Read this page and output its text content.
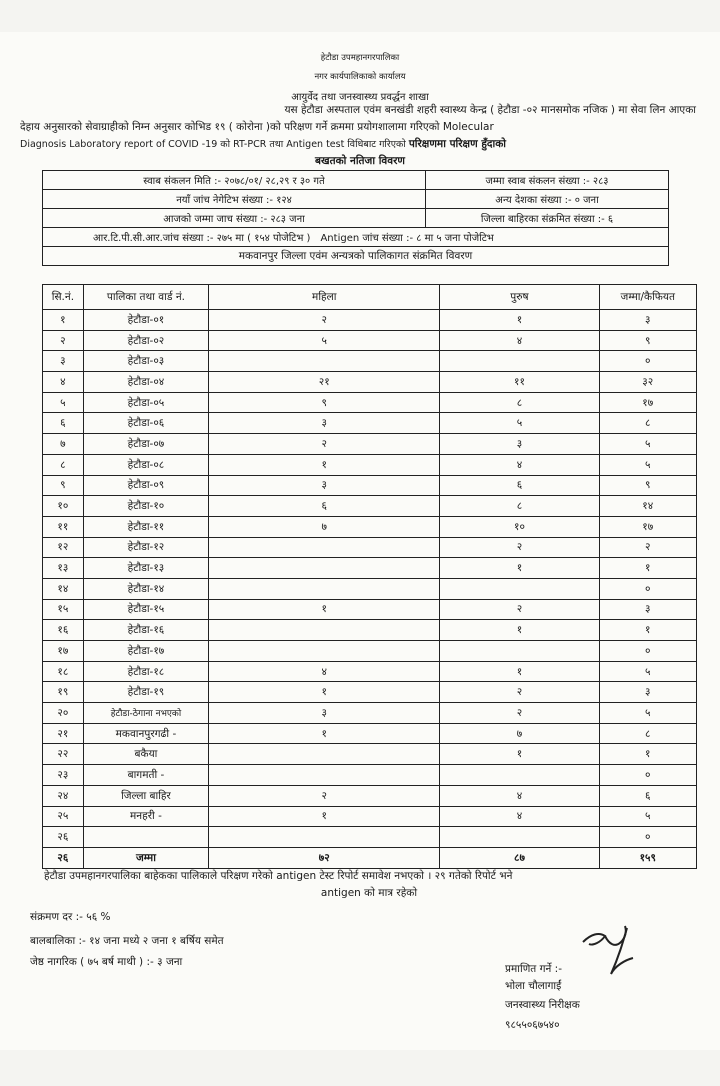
हेटौडा उपमहानगरपालिका
नगर कार्यपालिकाको कार्यालय
आयुर्वेद तथा जनस्वास्थ्य प्रवर्द्धन शाखा
यस हेटौडा अस्पताल एवंम बनखंडी शहरी स्वास्थ्य केन्द्र ( हेटौडा -०२ मानसमोक नजिक ) मा सेवा लिन आएका
देहाय अनुसारको सेवाग्राहीको निम्न अनुसार कोभिड १९ ( कोरोना )को परिक्षण गर्ने क्रममा प्रयोगशालामा गरिएको Molecular
Diagnosis Laboratory report of COVID -19 को RT-PCR तथा Antigen test विधिबाट गरिएको परिक्षणमा परिक्षण हुँदाको
बखतको नतिजा विवरण
स्वाब संकलन मिति :- २०७८/०१/ २८,२९ र ३० गते	जम्मा स्वाब संकलन संख्या :- २८३
नयाँ जांच नेगेटिभ संख्या :- १२४	अन्य देशका संख्या :- ० जना
आजको जम्मा जाच संख्या :- २८३ जना	जिल्ला बाहिरका संक्रमित संख्या :- ६
आर.टि.पी.सी.आर.जांच संख्या :- २७५ मा ( १५४ पोजेटिभ ) Antigen जांच संख्या :- ८ मा ५ जना पोजेटिभ	
मकवानपुर जिल्ला एवंम अन्यत्रको पालिकागत संक्रमित विवरण	
सि.नं.	पालिका तथा वार्ड नं.	महिला	पुरुष	जम्मा/कैफियत
१	हेटौडा-०१	२	१	३
२	हेटौडा-०२	५	४	९
३	हेटौडा-०३			०
४	हेटौडा-०४	२१	११	३२
५	हेटौडा-०५	९	८	१७
६	हेटौडा-०६	३	५	८
७	हेटौडा-०७	२	३	५
८	हेटौडा-०८	१	४	५
९	हेटौडा-०९	३	६	९
१०	हेटौडा-१०	६	८	१४
११	हेटौडा-११	७	१०	१७
१२	हेटौडा-१२		२	२
१३	हेटौडा-१३		१	१
१४	हेटौडा-१४			०
१५	हेटौडा-१५	१	२	३
१६	हेटौडा-१६		१	१
१७	हेटौडा-१७			०
१८	हेटौडा-१८	४	१	५
१९	हेटौडा-१९	१	२	३
२०	हेटौडा-ठेगाना नभएको	३	२	५
२१	मकवानपुरगढी -	१	७	८
२२	बकैया		१	१
२३	बागमती -			०
२४	जिल्ला बाहिर	२	४	६
२५	मनहरी -	१	४	५
२६				०
२६	जम्मा	७२	८७	१५९
हेटौडा उपमहानगरपालिका बाहेकका पालिकाले परिक्षण गरेको antigen टेस्ट रिपोर्ट समावेश नभएको । २९ गतेको रिपोर्ट भने
antigen को मात्र रहेको
संक्रमण दर :- ५६ %
बालबालिका :- १४ जना मध्ये २ जना १ बर्षिय समेत
जेष्ठ नागरिक ( ७५ बर्ष माथी ) :- ३ जना
प्रमाणित गर्ने :-
भोला चौलागाईं
जनस्वास्थ्य निरीक्षक
९८५५०६७५४०
